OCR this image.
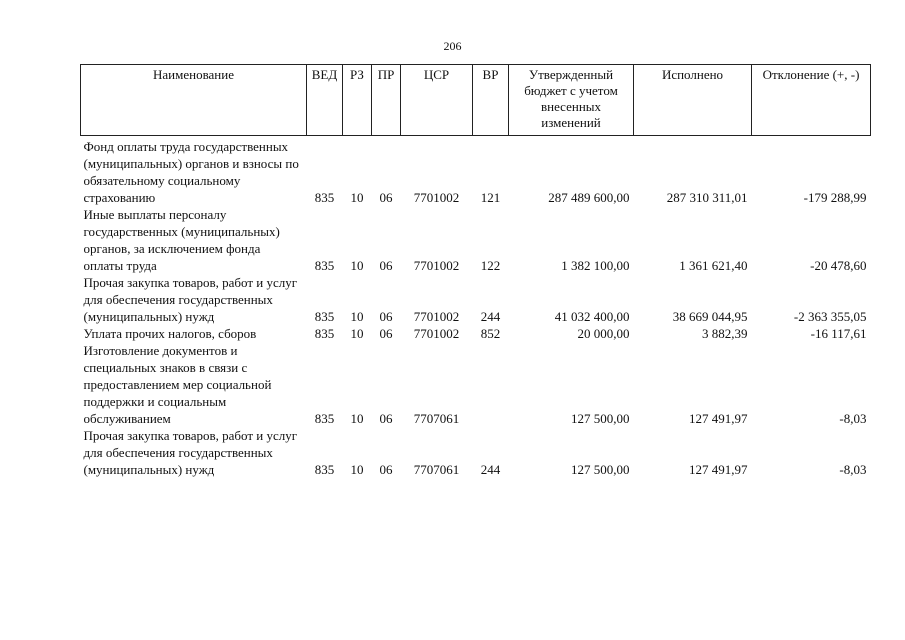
206
Наименование	ВЕД	РЗ	ПР	ЦСР	ВР	Утвержденный бюджет с учетом внесенных изменений	Исполнено	Отклонение (+, -)
Фонд оплаты труда государственных (муниципальных) органов и взносы по обязательному социальному страхованию	835	10	06	7701002	121	287 489 600,00	287 310 311,01	-179 288,99
Иные выплаты персоналу государственных (муниципальных) органов, за исключением фонда оплаты труда	835	10	06	7701002	122	1 382 100,00	1 361 621,40	-20 478,60
Прочая закупка товаров, работ и услуг для обеспечения государственных (муниципальных) нужд	835	10	06	7701002	244	41 032 400,00	38 669 044,95	-2 363 355,05
Уплата прочих налогов, сборов	835	10	06	7701002	852	20 000,00	3 882,39	-16 117,61
Изготовление документов и специальных знаков в связи с предоставлением мер социальной поддержки и социальным обслуживанием	835	10	06	7707061		127 500,00	127 491,97	-8,03
Прочая закупка товаров, работ и услуг для обеспечения государственных (муниципальных) нужд	835	10	06	7707061	244	127 500,00	127 491,97	-8,03
